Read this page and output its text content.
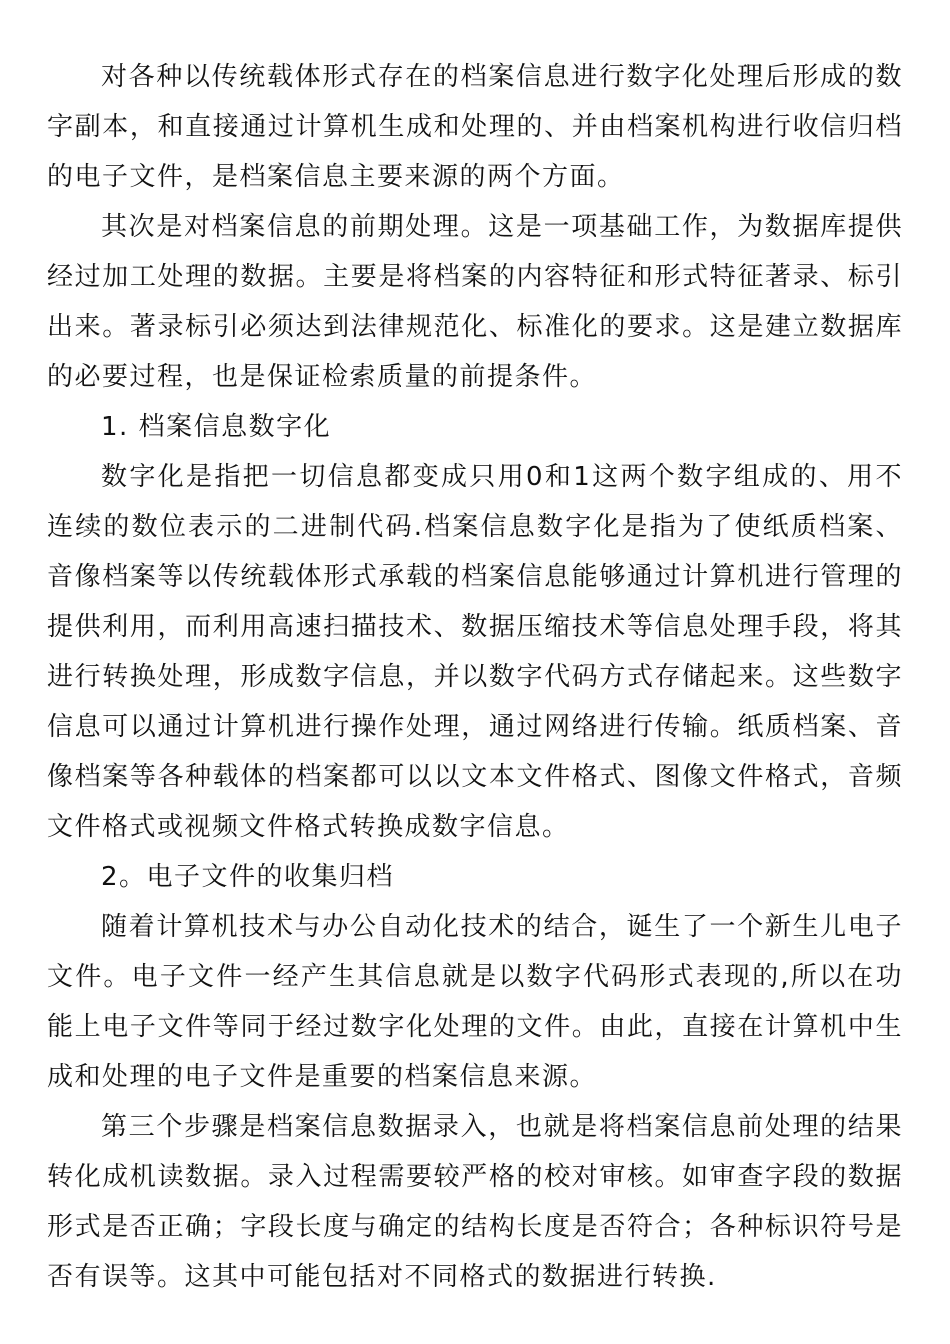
对各种以传统载体形式存在的档案信息进行数字化处理后形成的数字副本，和直接通过计算机生成和处理的、并由档案机构进行收信归档的电子文件，是档案信息主要来源的两个方面。

其次是对档案信息的前期处理。这是一项基础工作，为数据库提供经过加工处理的数据。主要是将档案的内容特征和形式特征著录、标引出来。著录标引必须达到法律规范化、标准化的要求。这是建立数据库的必要过程，也是保证检索质量的前提条件。

1. 档案信息数字化

数字化是指把一切信息都变成只用0和1这两个数字组成的、用不连续的数位表示的二进制代码.档案信息数字化是指为了使纸质档案、音像档案等以传统载体形式承载的档案信息能够通过计算机进行管理的提供利用，而利用高速扫描技术、数据压缩技术等信息处理手段，将其进行转换处理，形成数字信息，并以数字代码方式存储起来。这些数字信息可以通过计算机进行操作处理，通过网络进行传输。纸质档案、音像档案等各种载体的档案都可以以文本文件格式、图像文件格式，音频文件格式或视频文件格式转换成数字信息。

2。电子文件的收集归档

随着计算机技术与办公自动化技术的结合，诞生了一个新生儿电子文件。电子文件一经产生其信息就是以数字代码形式表现的,所以在功能上电子文件等同于经过数字化处理的文件。由此，直接在计算机中生成和处理的电子文件是重要的档案信息来源。

第三个步骤是档案信息数据录入，也就是将档案信息前处理的结果转化成机读数据。录入过程需要较严格的校对审核。如审查字段的数据形式是否正确；字段长度与确定的结构长度是否符合；各种标识符号是否有误等。这其中可能包括对不同格式的数据进行转换.
